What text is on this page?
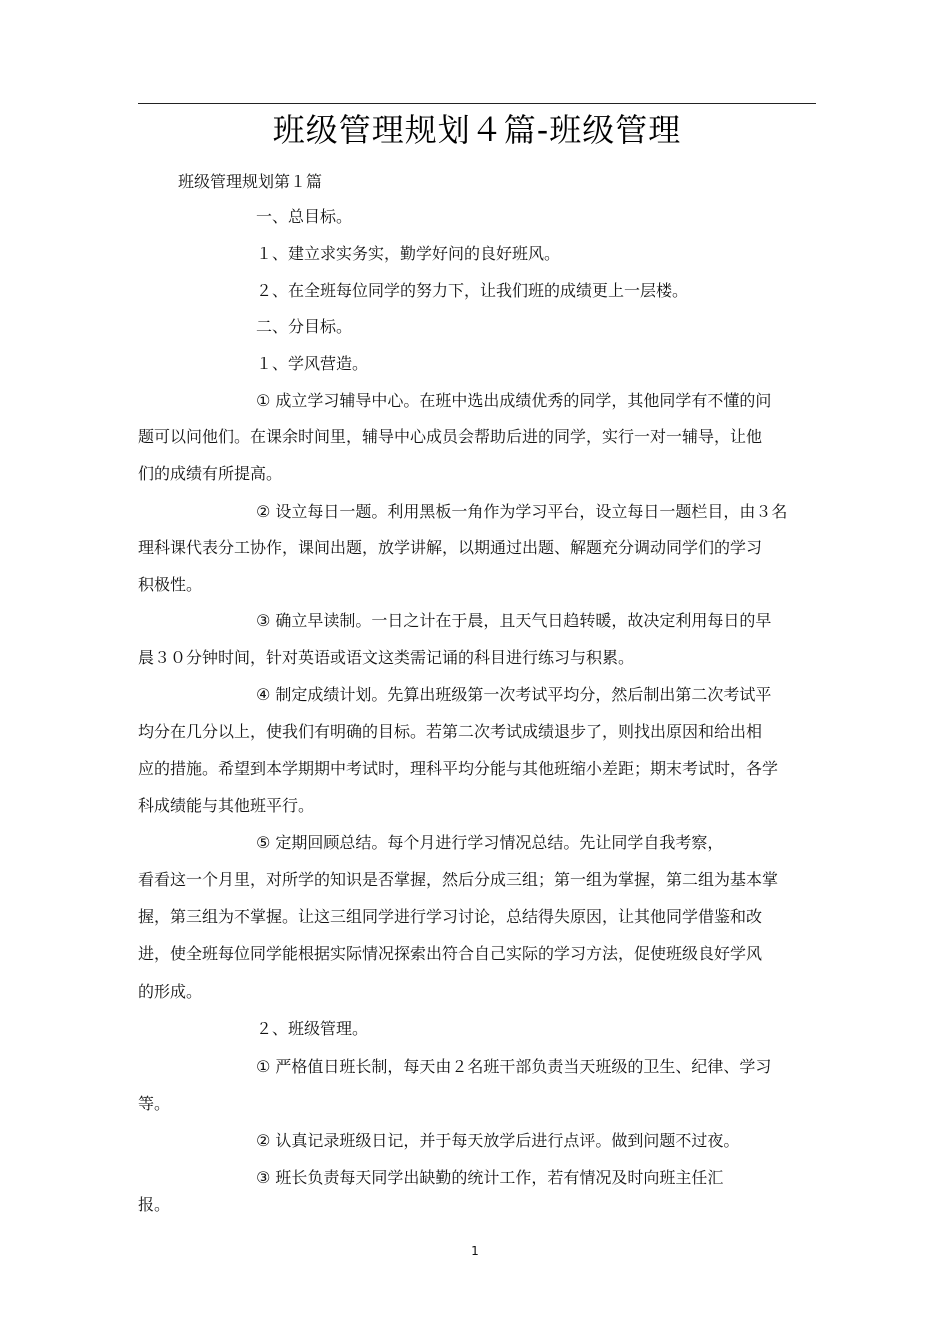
班级管理规划４篇-班级管理
班级管理规划第１篇
一、总目标。
１、建立求实务实，勤学好问的良好班风。
２、在全班每位同学的努力下，让我们班的成绩更上一层楼。
二、分目标。
１、学风营造。
① 成立学习辅导中心。在班中选出成绩优秀的同学，其他同学有不懂的问
题可以问他们。在课余时间里，辅导中心成员会帮助后进的同学，实行一对一辅导，让他
们的成绩有所提高。
② 设立每日一题。利用黑板一角作为学习平台，设立每日一题栏目，由３名
理科课代表分工协作，课间出题，放学讲解，以期通过出题、解题充分调动同学们的学习
积极性。
③ 确立早读制。一日之计在于晨，且天气日趋转暖，故决定利用每日的早
晨３０分钟时间，针对英语或语文这类需记诵的科目进行练习与积累。
④ 制定成绩计划。先算出班级第一次考试平均分，然后制出第二次考试平
均分在几分以上，使我们有明确的目标。若第二次考试成绩退步了，则找出原因和给出相
应的措施。希望到本学期期中考试时，理科平均分能与其他班缩小差距；期末考试时，各学
科成绩能与其他班平行。
⑤ 定期回顾总结。每个月进行学习情况总结。先让同学自我考察，
看看这一个月里，对所学的知识是否掌握，然后分成三组；第一组为掌握，第二组为基本掌
握，第三组为不掌握。让这三组同学进行学习讨论，总结得失原因，让其他同学借鉴和改
进，使全班每位同学能根据实际情况探索出符合自己实际的学习方法，促使班级良好学风
的形成。
２、班级管理。
① 严格值日班长制，每天由２名班干部负责当天班级的卫生、纪律、学习
等。
② 认真记录班级日记，并于每天放学后进行点评。做到问题不过夜。
③ 班长负责每天同学出缺勤的统计工作，若有情况及时向班主任汇
报。
1
